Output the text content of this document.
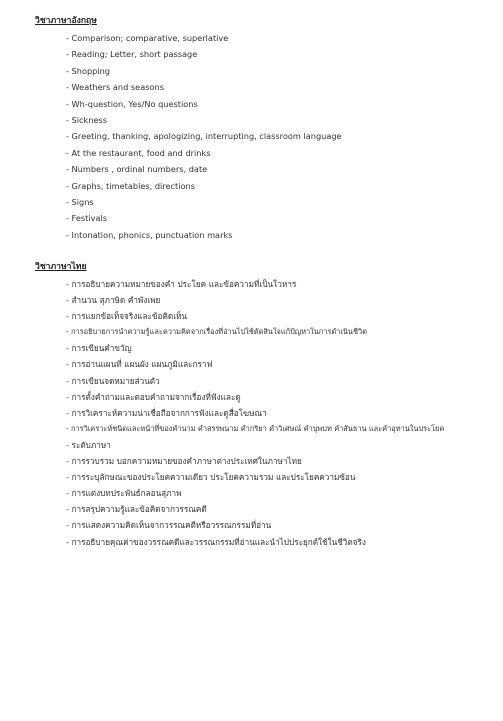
วิชาภาษาอังกฤษ
- Comparison; comparative, superlative
- Reading; Letter, short passage
- Shopping
- Weathers and seasons
- Wh-question, Yes/No questions
- Sickness
- Greeting, thanking, apologizing, interrupting, classroom language
- At the restaurant, food and drinks
- Numbers , ordinal numbers, date
- Graphs, timetables, directions
- Signs
- Festivals
- Intonation, phonics, punctuation marks
วิชาภาษาไทย
- การอธิบายความหมายของคำ ประโยค และข้อความที่เป็นโวหาร
- สำนวน สุภาษิต คำพังเพย
- การแยกข้อเท็จจริงและข้อคิดเห็น
- การอธิบายการนำความรู้และความคิดจากเรื่องที่อ่านไปใช้ตัดสินใจแก้ปัญหาในการดำเนินชีวิต
- การเขียนคำขวัญ
- การอ่านแผนที่ แผนผัง แผนภูมิและกราฟ
- การเขียนจดหมายส่วนตัว
- การตั้งคำถามและตอบคำถามจากเรื่องที่ฟังและดู
- การวิเคราะห์ความน่าเชื่อถือจากการฟังและดูสื่อโฆษณา
- การวิเคราะห์ชนิดและหน้าที่ของคำนาม คำสรรพนาม คำกริยา คำวิเศษณ์ คำบุพบท คำสันธาน และคำอุทานในประโยค
- ระดับภาษา
- การรวบรวม บอกความหมายของคำภาษาต่างประเทศในภาษาไทย
- การระบุลักษณะของประโยคความเดียว ประโยคความรวม และประโยคความซ้อน
- การแต่งบทประพันธ์กลอนสุภาพ
- การสรุปความรู้และข้อคิดจากวรรณคดี
- การแสดงความคิดเห็นจากวรรณคดีหรือวรรณกรรมที่อ่าน
- การอธิบายคุณค่าของวรรณคดีและวรรณกรรมที่อ่านและนำไปประยุกต์ใช้ในชีวิตจริง
